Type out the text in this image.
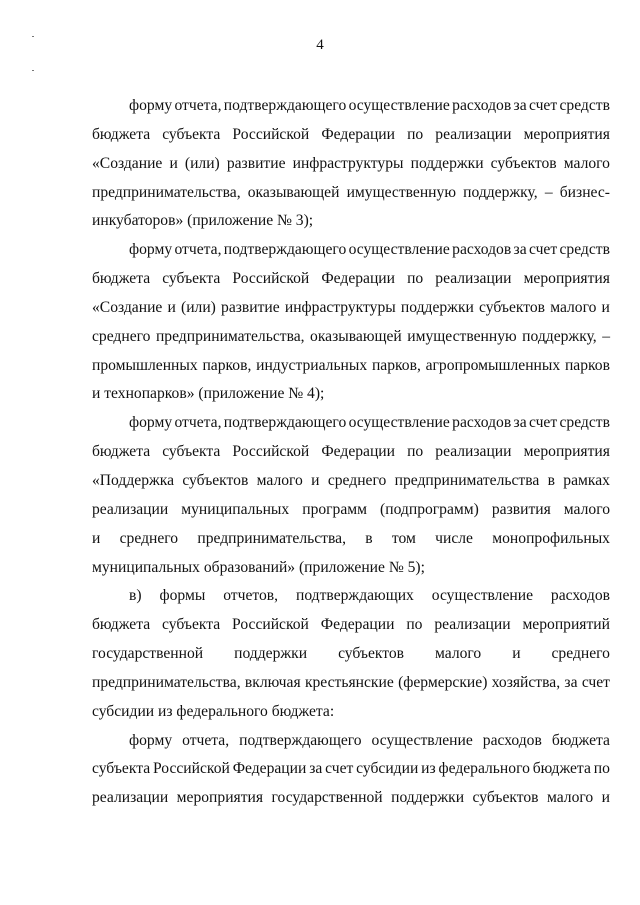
4
форму отчета, подтверждающего осуществление расходов за счет средств
бюджета субъекта Российской Федерации по реализации мероприятия
«Создание и (или) развитие инфраструктуры поддержки субъектов малого
предпринимательства, оказывающей имущественную поддержку, – бизнес-
инкубаторов» (приложение № 3);
форму отчета, подтверждающего осуществление расходов за счет средств
бюджета субъекта Российской Федерации по реализации мероприятия
«Создание и (или) развитие инфраструктуры поддержки субъектов малого и
среднего предпринимательства, оказывающей имущественную поддержку, –
промышленных парков, индустриальных парков, агропромышленных парков
и технопарков» (приложение № 4);
форму отчета, подтверждающего осуществление расходов за счет средств
бюджета субъекта Российской Федерации по реализации мероприятия
«Поддержка субъектов малого и среднего предпринимательства в рамках
реализации муниципальных программ (подпрограмм) развития малого
и среднего предпринимательства, в том числе монопрофильных
муниципальных образований» (приложение № 5);
в) формы отчетов, подтверждающих осуществление расходов
бюджета субъекта Российской Федерации по реализации мероприятий
государственной поддержки субъектов малого и среднего
предпринимательства, включая крестьянские (фермерские) хозяйства, за счет
субсидии из федерального бюджета:
форму отчета, подтверждающего осуществление расходов бюджета
субъекта Российской Федерации за счет субсидии из федерального бюджета по
реализации мероприятия государственной поддержки субъектов малого и
